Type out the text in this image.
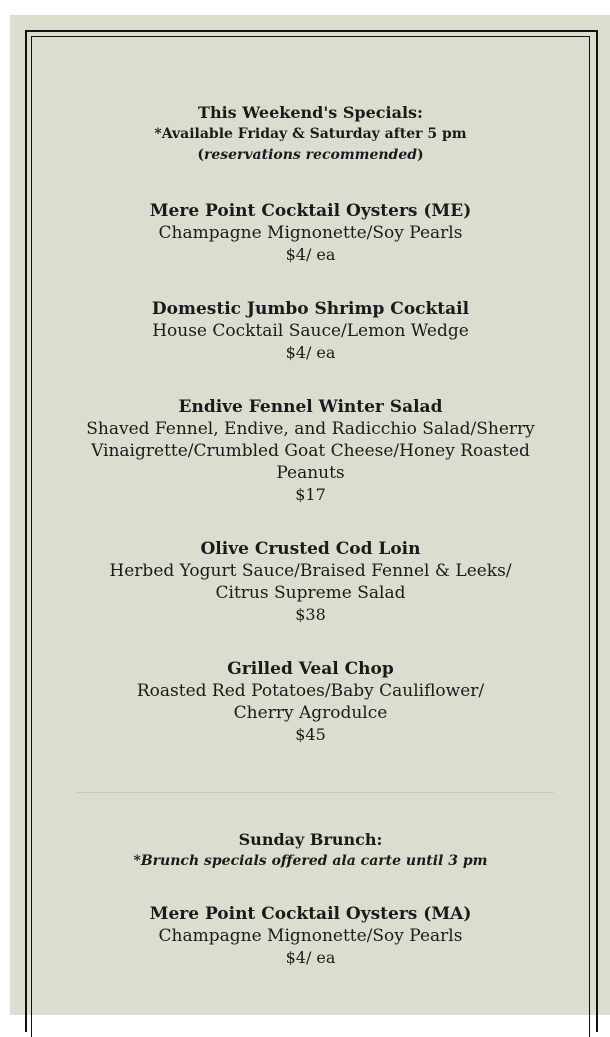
This Weekend's Specials:

*Available Friday & Saturday after 5 pm

(reservations recommended)

Mere Point Cocktail Oysters (ME)
Champagne Mignonette/Soy Pearls
$4/ ea
Domestic Jumbo Shrimp Cocktail
House Cocktail Sauce/Lemon Wedge
$4/ ea
Endive Fennel Winter Salad
Shaved Fennel, Endive, and Radicchio Salad/Sherry
Vinaigrette/Crumbled Goat Cheese/Honey Roasted
Peanuts
$17
Olive Crusted Cod Loin
Herbed Yogurt Sauce/Braised Fennel & Leeks/
Citrus Supreme Salad
$38
Grilled Veal Chop
Roasted Red Potatoes/Baby Cauliflower/
Cherry Agrodulce
$45

Sunday Brunch:

*Brunch specials offered ala carte until 3 pm

Mere Point Cocktail Oysters (MA)
Champagne Mignonette/Soy Pearls
$4/ ea
